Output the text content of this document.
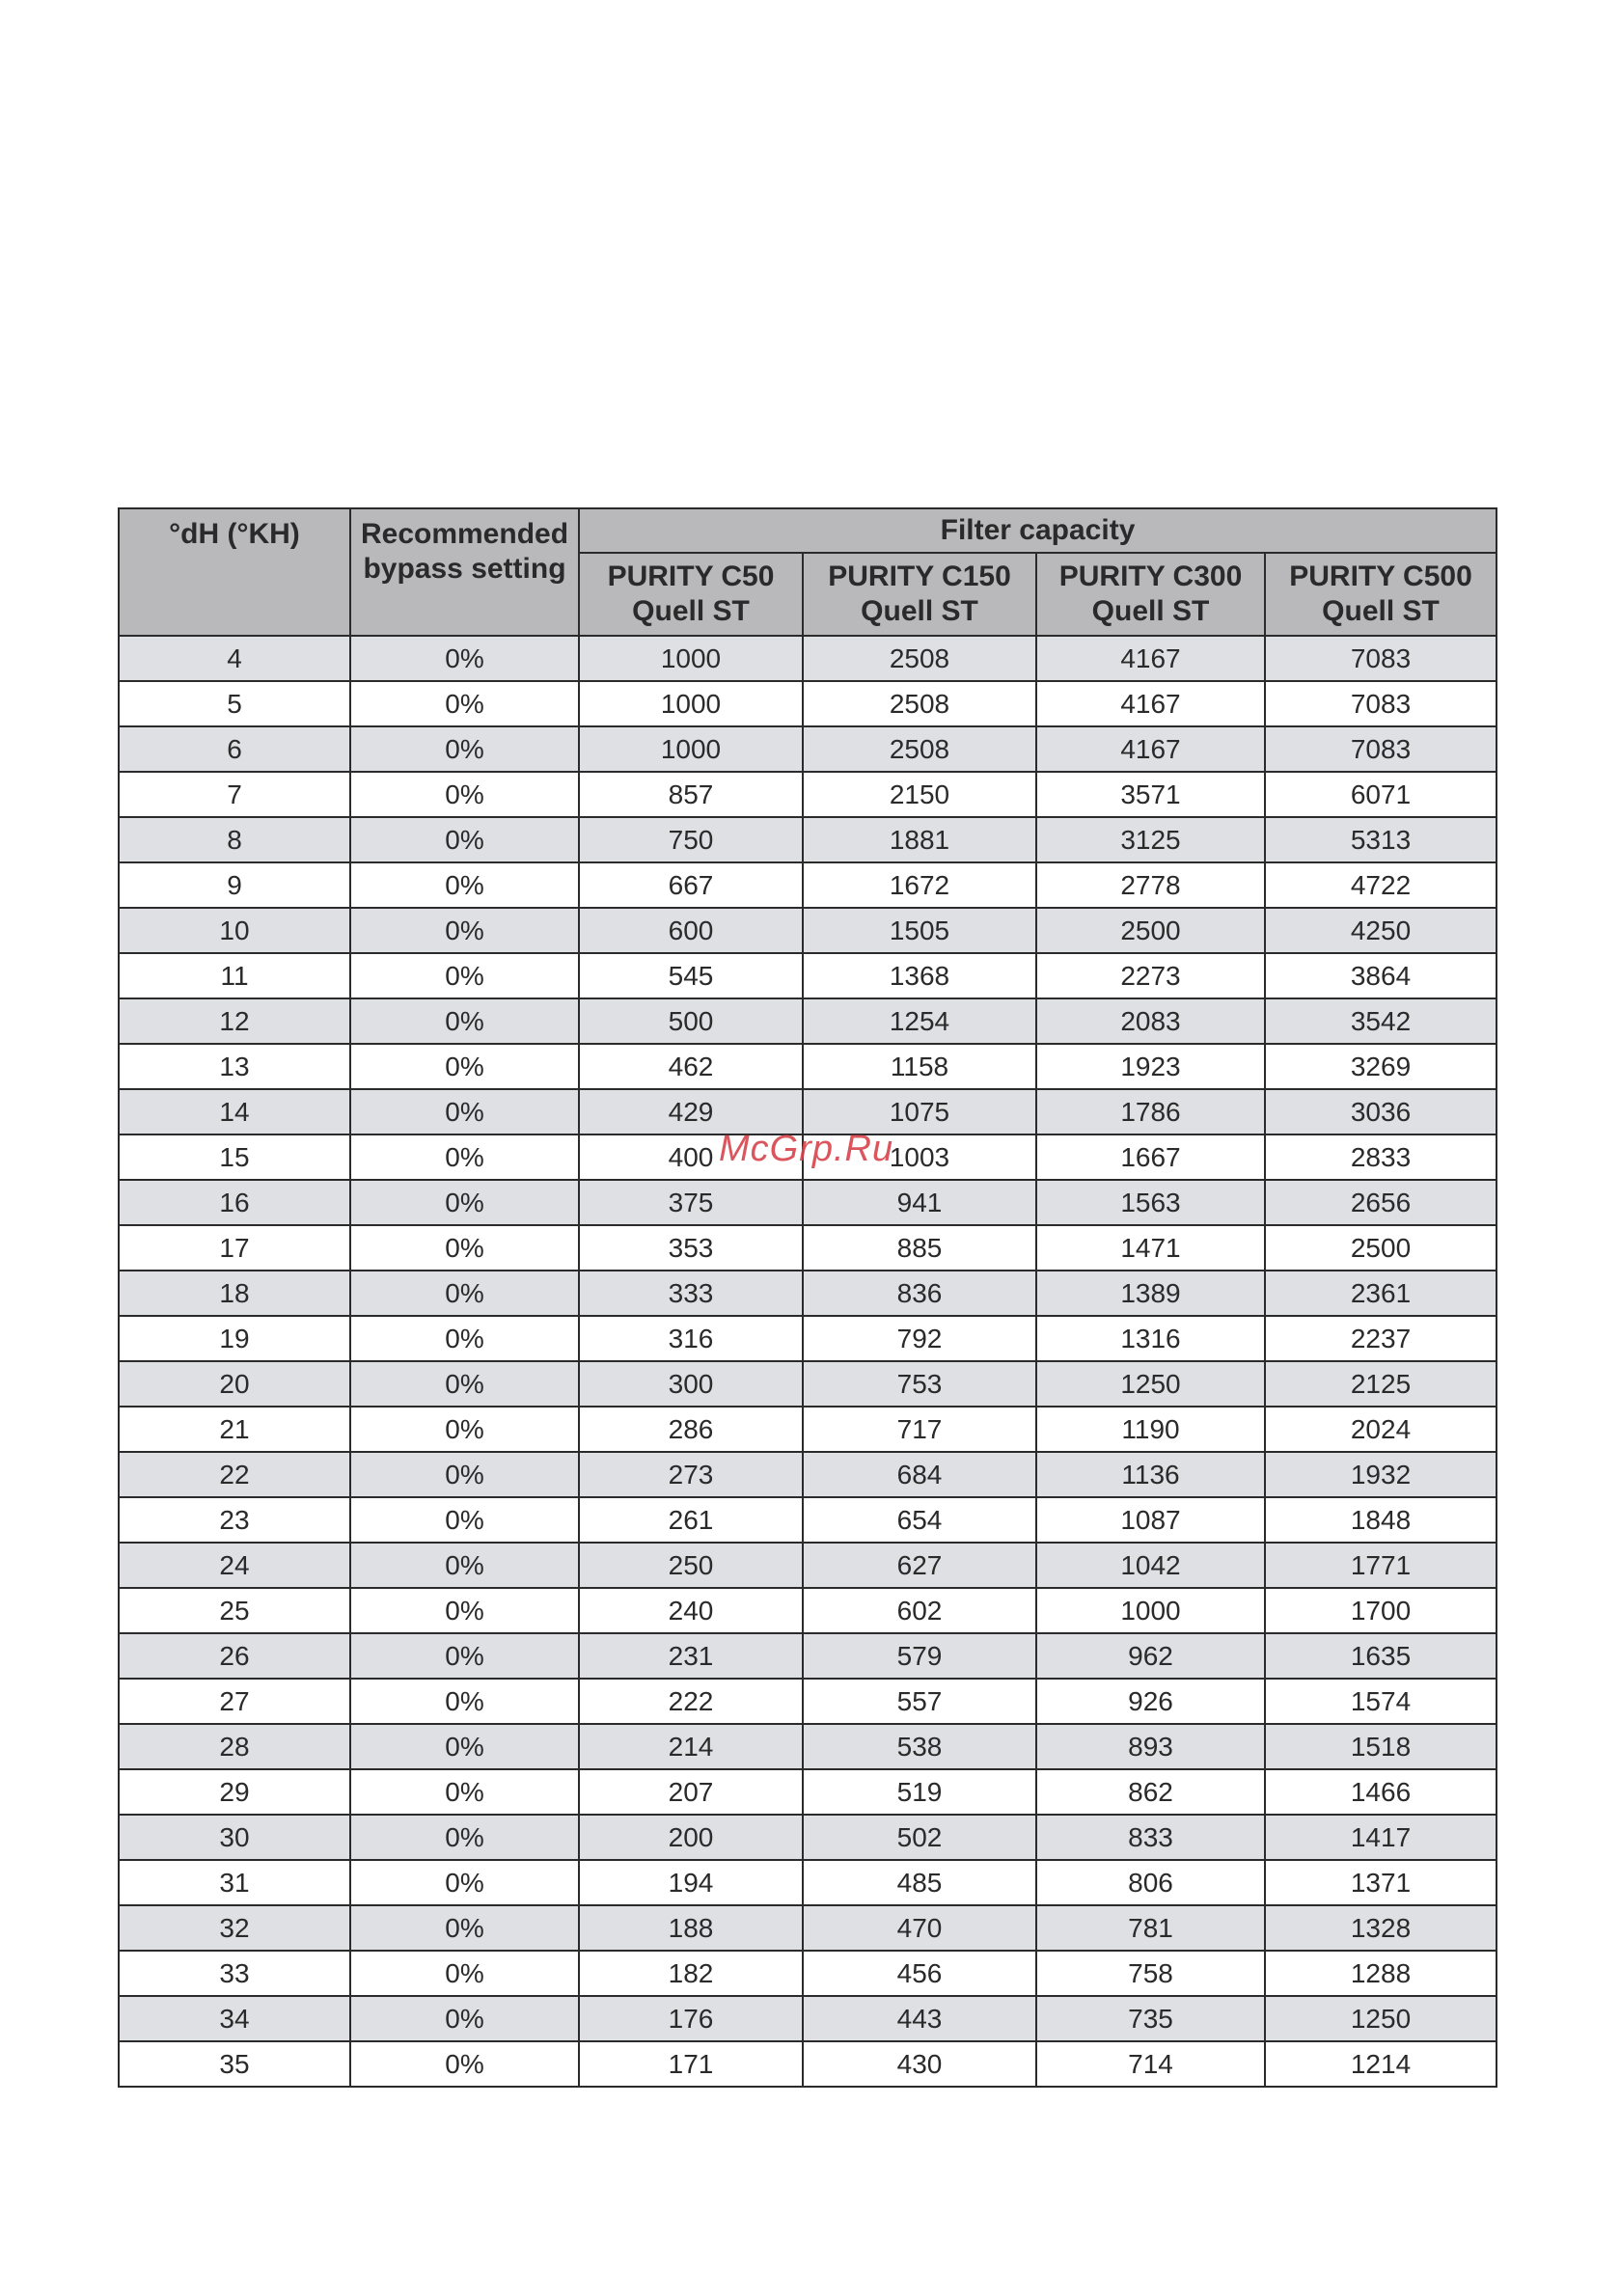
°dH (°KH)	Recommended bypass setting	Filter capacity			
		PURITY C50 Quell ST	PURITY C150 Quell ST	PURITY C300 Quell ST	PURITY C500 Quell ST
4	0%	1000	2508	4167	7083
5	0%	1000	2508	4167	7083
6	0%	1000	2508	4167	7083
7	0%	857	2150	3571	6071
8	0%	750	1881	3125	5313
9	0%	667	1672	2778	4722
10	0%	600	1505	2500	4250
11	0%	545	1368	2273	3864
12	0%	500	1254	2083	3542
13	0%	462	1158	1923	3269
14	0%	429	1075	1786	3036
15	0%	400	1003	1667	2833
16	0%	375	941	1563	2656
17	0%	353	885	1471	2500
18	0%	333	836	1389	2361
19	0%	316	792	1316	2237
20	0%	300	753	1250	2125
21	0%	286	717	1190	2024
22	0%	273	684	1136	1932
23	0%	261	654	1087	1848
24	0%	250	627	1042	1771
25	0%	240	602	1000	1700
26	0%	231	579	962	1635
27	0%	222	557	926	1574
28	0%	214	538	893	1518
29	0%	207	519	862	1466
30	0%	200	502	833	1417
31	0%	194	485	806	1371
32	0%	188	470	781	1328
33	0%	182	456	758	1288
34	0%	176	443	735	1250
35	0%	171	430	714	1214
McGrp.Ru
